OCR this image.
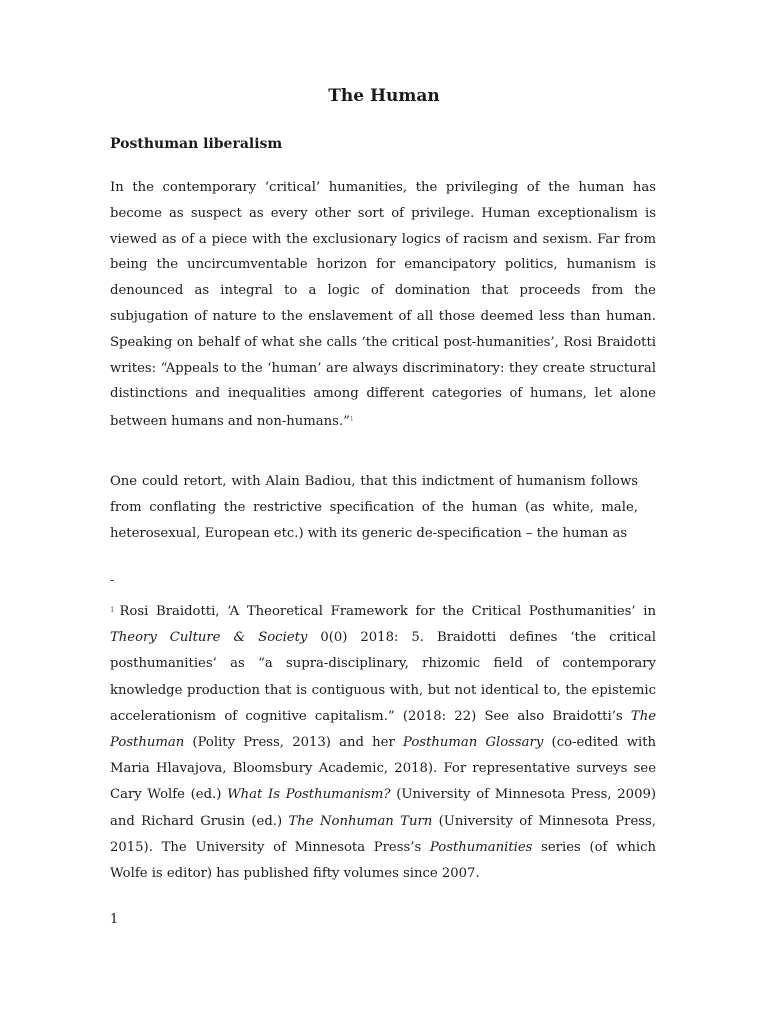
The Human
Posthuman liberalism

In the contemporary ‘critical’ humanities, the privileging of the human has become as suspect as every other sort of privilege. Human exceptionalism is viewed as of a piece with the exclusionary logics of racism and sexism. Far from being the uncircumventable horizon for emancipatory politics, humanism is denounced as integral to a logic of domination that proceeds from the subjugation of nature to the enslavement of all those deemed less than human. Speaking on behalf of what she calls ‘the critical post-humanities’, Rosi Braidotti writes: “Appeals to the ‘human’ are always discriminatory: they create structural distinctions and inequalities among different categories of humans, let alone between humans and non-humans.”$^1$

One could retort, with Alain Badiou, that this indictment of humanism follows from conflating the restrictive specification of the human (as white, male, heterosexual, European etc.) with its generic de-specification – the human as

-

$^1$ Rosi Braidotti, ‘A Theoretical Framework for the Critical Posthumanities’ in Theory Culture & Society 0(0) 2018: 5. Braidotti defines ‘the critical posthumanities’ as “a supra-disciplinary, rhizomic field of contemporary knowledge production that is contiguous with, but not identical to, the epistemic accelerationism of cognitive capitalism.” (2018: 22) See also Braidotti’s The Posthuman (Polity Press, 2013) and her Posthuman Glossary (co-edited with Maria Hlavajova, Bloomsbury Academic, 2018). For representative surveys see Cary Wolfe (ed.) What Is Posthumanism? (University of Minnesota Press, 2009) and Richard Grusin (ed.) The Nonhuman Turn (University of Minnesota Press, 2015). The University of Minnesota Press’s Posthumanities series (of which Wolfe is editor) has published fifty volumes since 2007.

1
